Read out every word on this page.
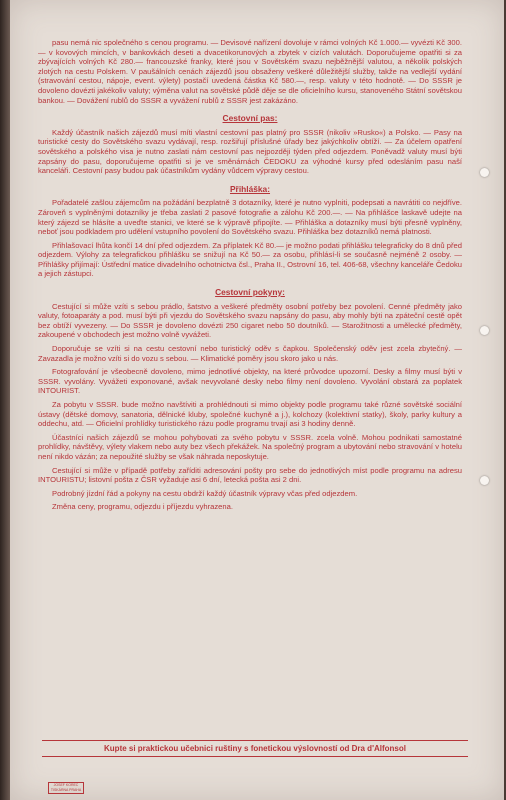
pasu nemá nic společného s cenou programu. — Devisové nařízení dovoluje v rámci volných Kč 1.000.— vyvézti Kč 300.— v kovových mincích, v bankovkách deseti a dvacetikorunových a zbytek v cizích valutách. Doporučujeme opatřiti si za zbývajících volných Kč 280.— francouzské franky, které jsou v Sovětském svazu nejběžnější valutou, a několik polských zlotých na cestu Polskem. V paušálních cenách zájezdů jsou obsaženy veškeré důležitější služby, takže na vedlejší vydání (stravování cestou, nápoje, event. výlety) postačí uvedená částka Kč 580.—, resp. valuty v této hodnotě. — Do SSSR je dovoleno dovézti jakékoliv valuty; výměna valut na sovětské půdě děje se dle oficielního kursu, stanoveného Státní sovětskou bankou. — Dovážení rublů do SSSR a vyvážení rublů z SSSR jest zakázáno.

Cestovní pas:

Každý účastník našich zájezdů musí míti vlastní cestovní pas platný pro SSSR (nikoliv »Rusko«) a Polsko. — Pasy na turistické cesty do Sovětského svazu vydávají, resp. rozšiřují příslušné úřady bez jakýchkoliv obtíží. — Za účelem opatření sovětského a polského visa je nutno zaslati nám cestovní pas nejpozději týden před odjezdem. Poněvadž valuty musí býti zapsány do pasu, doporučujeme opatřiti si je ve směnárnách ČEDOKU za výhodné kursy před odesláním pasu naší kanceláři. Cestovní pasy budou pak účastníkům vydány vůdcem výpravy cestou.

Přihláška:

Pořadatelé zašlou zájemcům na požádání bezplatně 3 dotazníky, které je nutno vyplniti, podepsati a navrátiti co nejdříve. Zároveň s vyplněnými dotazníky je třeba zaslati 2 pasové fotografie a zálohu Kč 200.—. — Na přihlášce laskavě udejte na který zájezd se hlásíte a uveďte stanici, ve které se k výpravě připojíte. — Přihláška a dotazníky musí býti přesně vyplněny, neboť jsou podkladem pro udělení vstupního povolení do Sovětského svazu. Přihláška bez dotazníků nemá platnosti.

Přihlašovací lhůta končí 14 dní před odjezdem. Za příplatek Kč 80.— je možno podati přihlášku telegraficky do 8 dnů před odjezdem. Výlohy za telegrafickou přihlášku se snižují na Kč 50.— za osobu, přihlásí-li se současně nejméně 2 osoby. — Přihlášky přijímají: Ústřední matice divadelního ochotnictva čsl., Praha II., Ostrovní 16, tel. 406-68, všechny kanceláře Čedoku a jejich zástupci.

Cestovní pokyny:

Cestující si může vzíti s sebou prádlo, šatstvo a veškeré předměty osobní potřeby bez povolení. Cenné předměty jako valuty, fotoaparáty a pod. musí býti při vjezdu do Sovětského svazu napsány do pasu, aby mohly býti na zpáteční cestě opět bez obtíží vyvezeny. — Do SSSR je dovoleno dovézti 250 cigaret nebo 50 doutníků. — Starožitnosti a umělecké předměty, zakoupené v obchodech jest možno volně vyvážeti.

Doporučuje se vzíti si na cestu cestovní nebo turistický oděv s čapkou. Společenský oděv jest zcela zbytečný. — Zavazadla je možno vzíti si do vozu s sebou. — Klimatické poměry jsou skoro jako u nás.

Fotografování je všeobecně dovoleno, mimo jednotlivé objekty, na které průvodce upozorní. Desky a filmy musí býti v SSSR. vyvolány. Vyvážeti exponované, avšak nevyvolané desky nebo filmy není dovoleno. Vyvolání obstará za poplatek INTOURIST.

Za pobytu v SSSR. bude možno navštíviti a prohlédnouti si mimo objekty podle programu také různé sovětské sociální ústavy (dětské domovy, sanatoria, dělnické kluby, společné kuchyně a j.), kolchozy (kolektivní statky), školy, parky kultury a oddechu, atd. — Oficielní prohlídky turistického rázu podle programu trvají asi 3 hodiny denně.

Účastníci našich zájezdů se mohou pohybovati za svého pobytu v SSSR. zcela volně. Mohou podnikati samostatné prohlídky, návštěvy, výlety vlakem nebo auty bez všech překážek. Na společný program a ubytování nebo stravování v hotelu není nikdo vázán; za nepoužité služby se však náhrada neposkytuje.

Cestující si může v případě potřeby zaříditi adresování pošty pro sebe do jednotlivých míst podle programu na adresu INTOURISTU; listovní pošta z ČSR vyžaduje asi 6 dní, letecká pošta asi 2 dni.

Podrobný jízdní řád a pokyny na cestu obdrží každý účastník výpravy včas před odjezdem.

Změna ceny, programu, odjezdu i příjezdu vyhrazena.

Kupte si praktickou učebnici ruštiny s fonetickou výslovností od Dra d'Alfonsol
JOSEF KOREC TISKÁRNA PRAHA
